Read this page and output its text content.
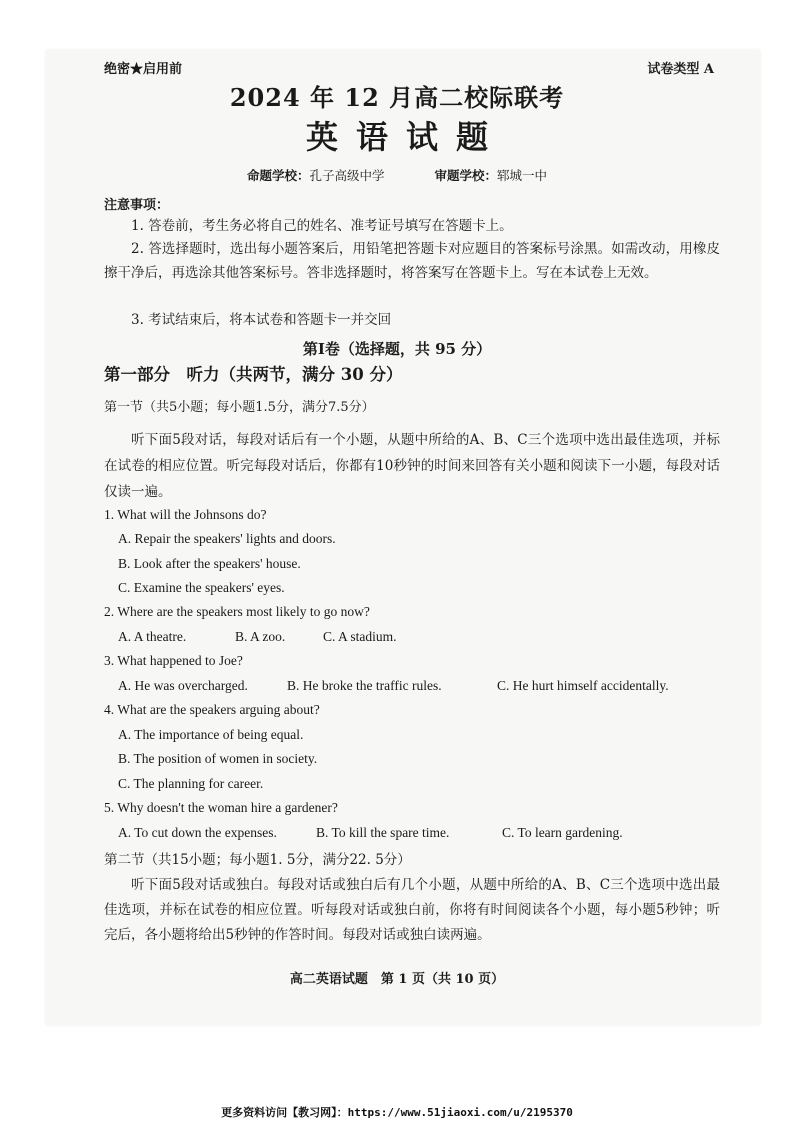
绝密★启用前	试卷类型 A
2024 年 12 月高二校际联考
英语试题
命题学校：孔子高级中学	审题学校：郓城一中
注意事项：
1. 答卷前，考生务必将自己的姓名、准考证号填写在答题卡上。
2. 答选择题时，选出每小题答案后，用铅笔把答题卡对应题目的答案标号涂黑。如需改动，用橡皮擦干净后，再选涂其他答案标号。答非选择题时，将答案写在答题卡上。写在本试卷上无效。
3. 考试结束后，将本试卷和答题卡一并交回
第Ⅰ卷（选择题，共 95 分）
第一部分　听力（共两节，满分 30 分）
第一节（共5小题；每小题1.5分，满分7.5分）
听下面5段对话，每段对话后有一个小题，从题中所给的A、B、C三个选项中选出最佳选项，并标在试卷的相应位置。听完每段对话后，你都有10秒钟的时间来回答有关小题和阅读下一小题，每段对话仅读一遍。
1. What will the Johnsons do?
A. Repair the speakers' lights and doors.
B. Look after the speakers' house.
C. Examine the speakers' eyes.
2. Where are the speakers most likely to go now?
A. A theatre.	B. A zoo.	C. A stadium.
3. What happened to Joe?
A. He was overcharged.	B. He broke the traffic rules.	C. He hurt himself accidentally.
4. What are the speakers arguing about?
A. The importance of being equal.
B. The position of women in society.
C. The planning for career.
5. Why doesn't the woman hire a gardener?
A. To cut down the expenses.	B. To kill the spare time.	C. To learn gardening.
第二节（共15小题；每小题1. 5分，满分22. 5分）
听下面5段对话或独白。每段对话或独白后有几个小题，从题中所给的A、B、C三个选项中选出最佳选项，并标在试卷的相应位置。听每段对话或独白前，你将有时间阅读各个小题，每小题5秒钟；听完后，各小题将给出5秒钟的作答时间。每段对话或独白读两遍。
高二英语试题　第 1 页（共 10 页）
更多资料访问【教习网】：https://www.51jiaoxi.com/u/2195370
